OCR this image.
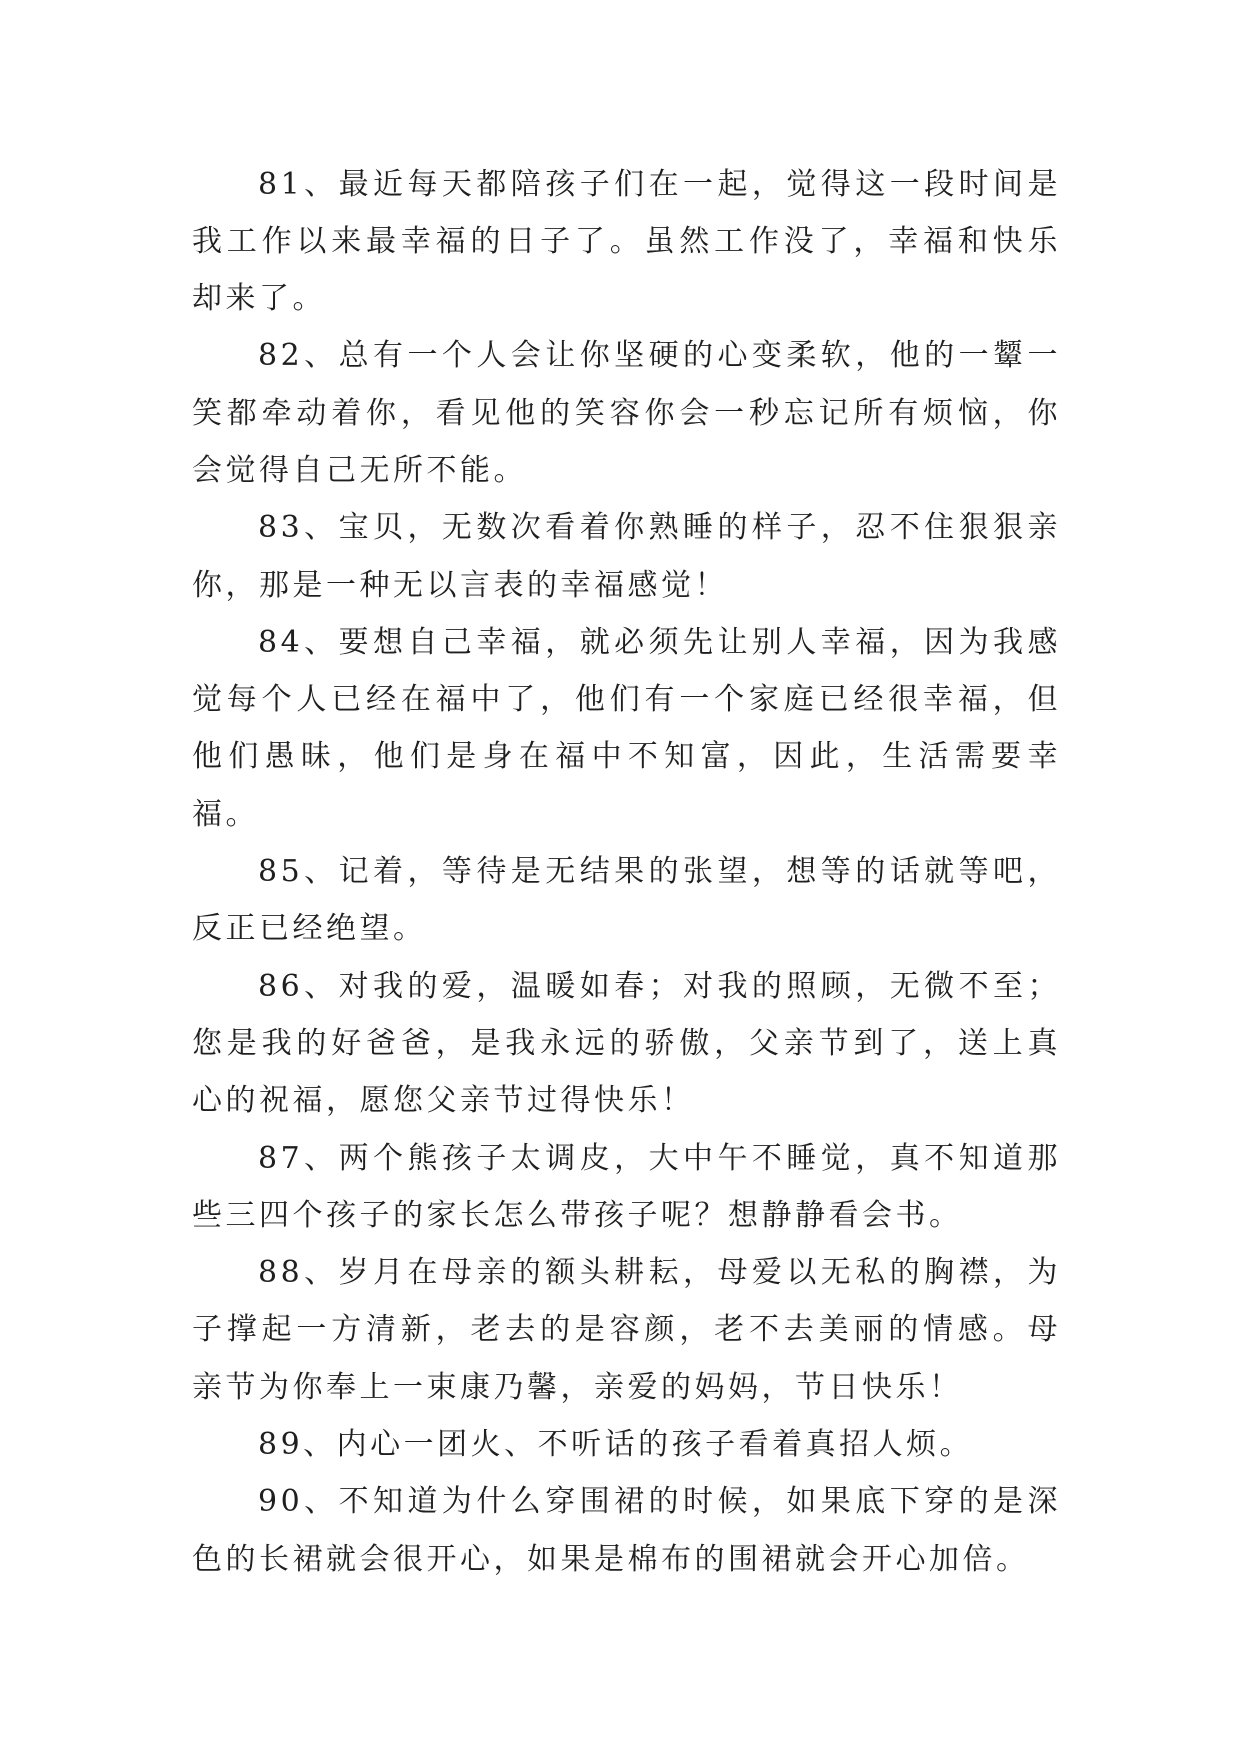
81、最近每天都陪孩子们在一起，觉得这一段时间是我工作以来最幸福的日子了。虽然工作没了，幸福和快乐却来了。

82、总有一个人会让你坚硬的心变柔软，他的一颦一笑都牵动着你，看见他的笑容你会一秒忘记所有烦恼，你会觉得自己无所不能。

83、宝贝，无数次看着你熟睡的样子，忍不住狠狠亲你，那是一种无以言表的幸福感觉！

84、要想自己幸福，就必须先让别人幸福，因为我感觉每个人已经在福中了，他们有一个家庭已经很幸福，但他们愚昧，他们是身在福中不知富，因此，生活需要幸福。

85、记着，等待是无结果的张望，想等的话就等吧，反正已经绝望。

86、对我的爱，温暖如春；对我的照顾，无微不至；您是我的好爸爸，是我永远的骄傲，父亲节到了，送上真心的祝福，愿您父亲节过得快乐！

87、两个熊孩子太调皮，大中午不睡觉，真不知道那些三四个孩子的家长怎么带孩子呢？想静静看会书。

88、岁月在母亲的额头耕耘，母爱以无私的胸襟，为子撑起一方清新，老去的是容颜，老不去美丽的情感。母亲节为你奉上一束康乃馨，亲爱的妈妈，节日快乐！

89、内心一团火、不听话的孩子看着真招人烦。

90、不知道为什么穿围裙的时候，如果底下穿的是深色的长裙就会很开心，如果是棉布的围裙就会开心加倍。
